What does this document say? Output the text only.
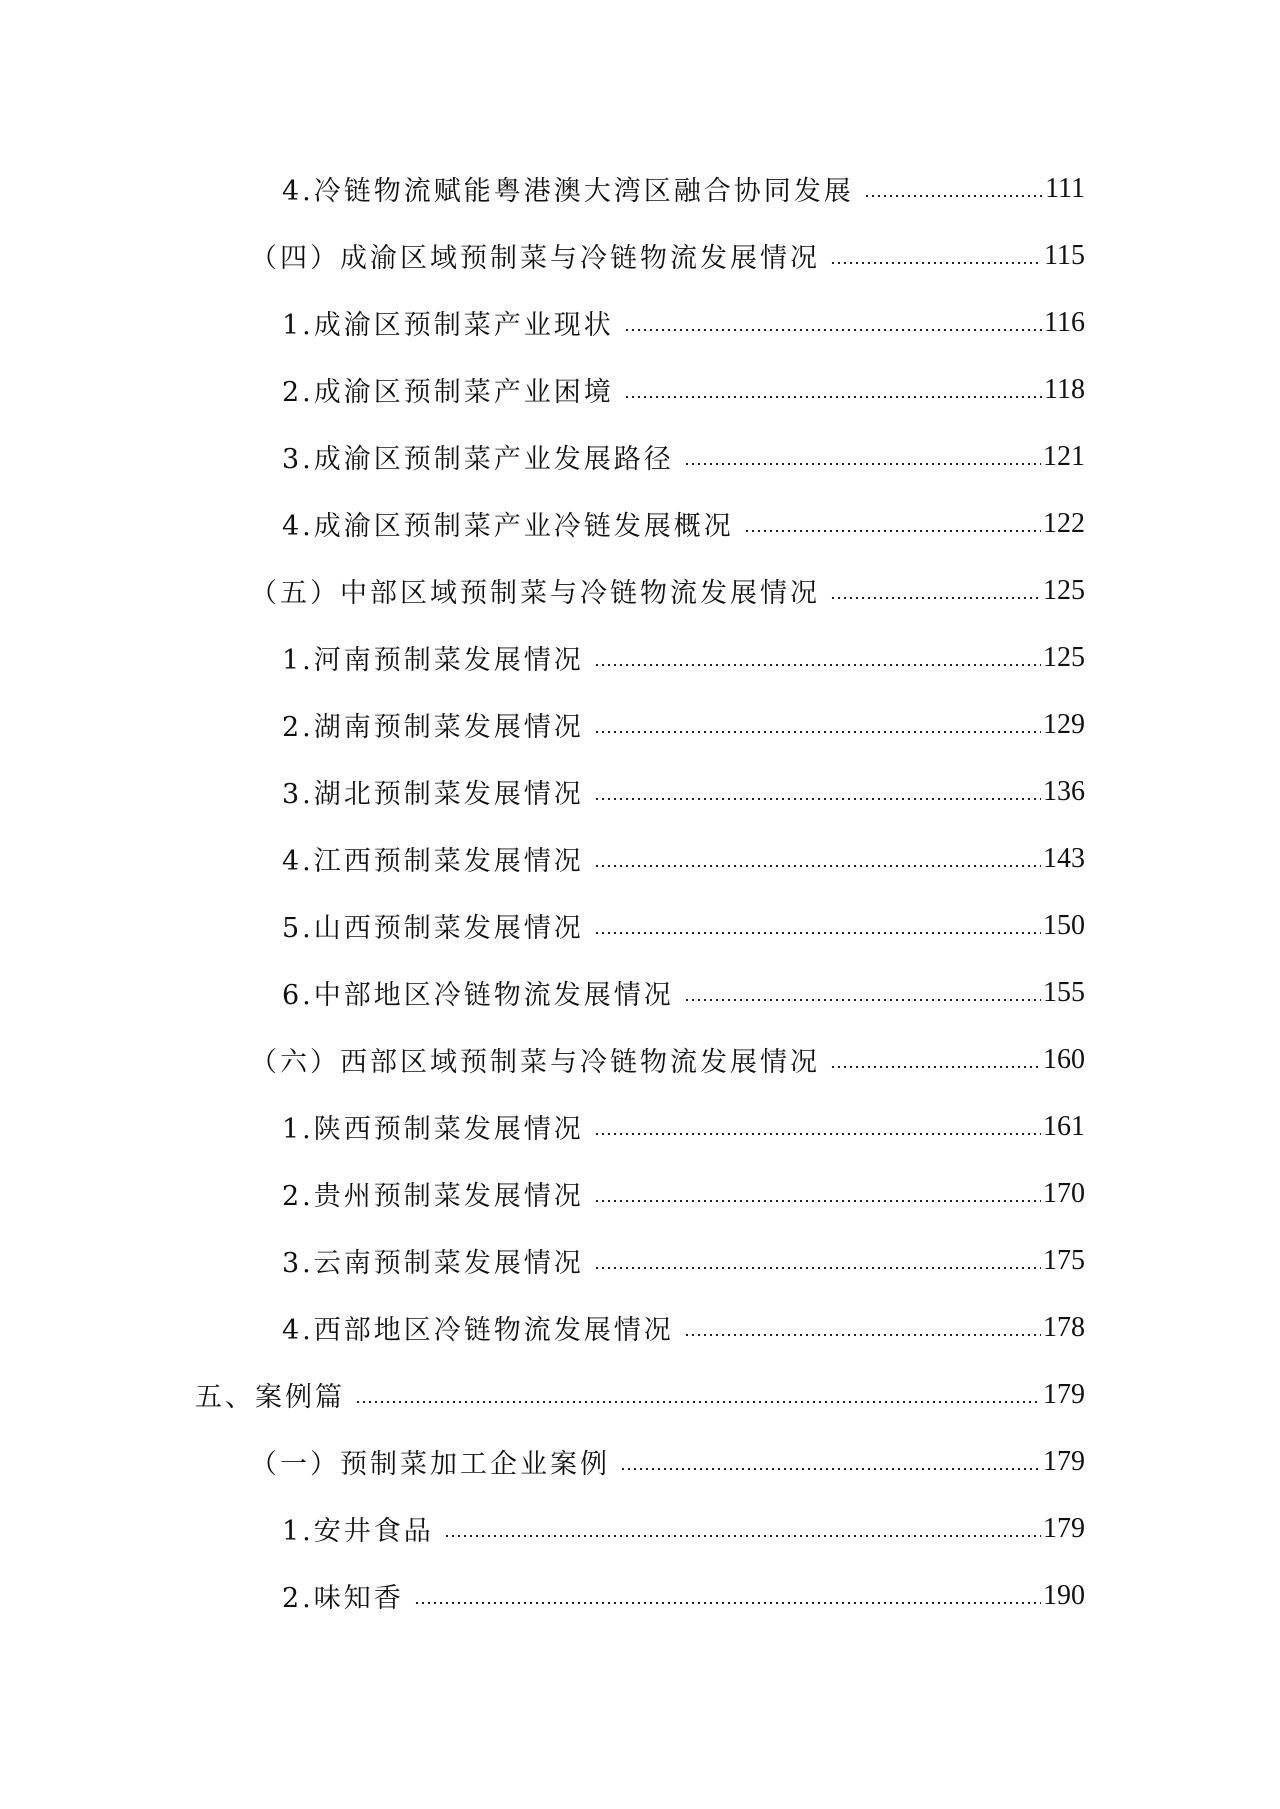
4.冷链物流赋能粤港澳大湾区融合协同发展	111
（四）成渝区域预制菜与冷链物流发展情况	115
1.成渝区预制菜产业现状	116
2.成渝区预制菜产业困境	118
3.成渝区预制菜产业发展路径	121
4.成渝区预制菜产业冷链发展概况	122
（五）中部区域预制菜与冷链物流发展情况	125
1.河南预制菜发展情况	125
2.湖南预制菜发展情况	129
3.湖北预制菜发展情况	136
4.江西预制菜发展情况	143
5.山西预制菜发展情况	150
6.中部地区冷链物流发展情况	155
（六）西部区域预制菜与冷链物流发展情况	160
1.陕西预制菜发展情况	161
2.贵州预制菜发展情况	170
3.云南预制菜发展情况	175
4.西部地区冷链物流发展情况	178
五、案例篇	179
（一）预制菜加工企业案例	179
1.安井食品	179
2.味知香	190
